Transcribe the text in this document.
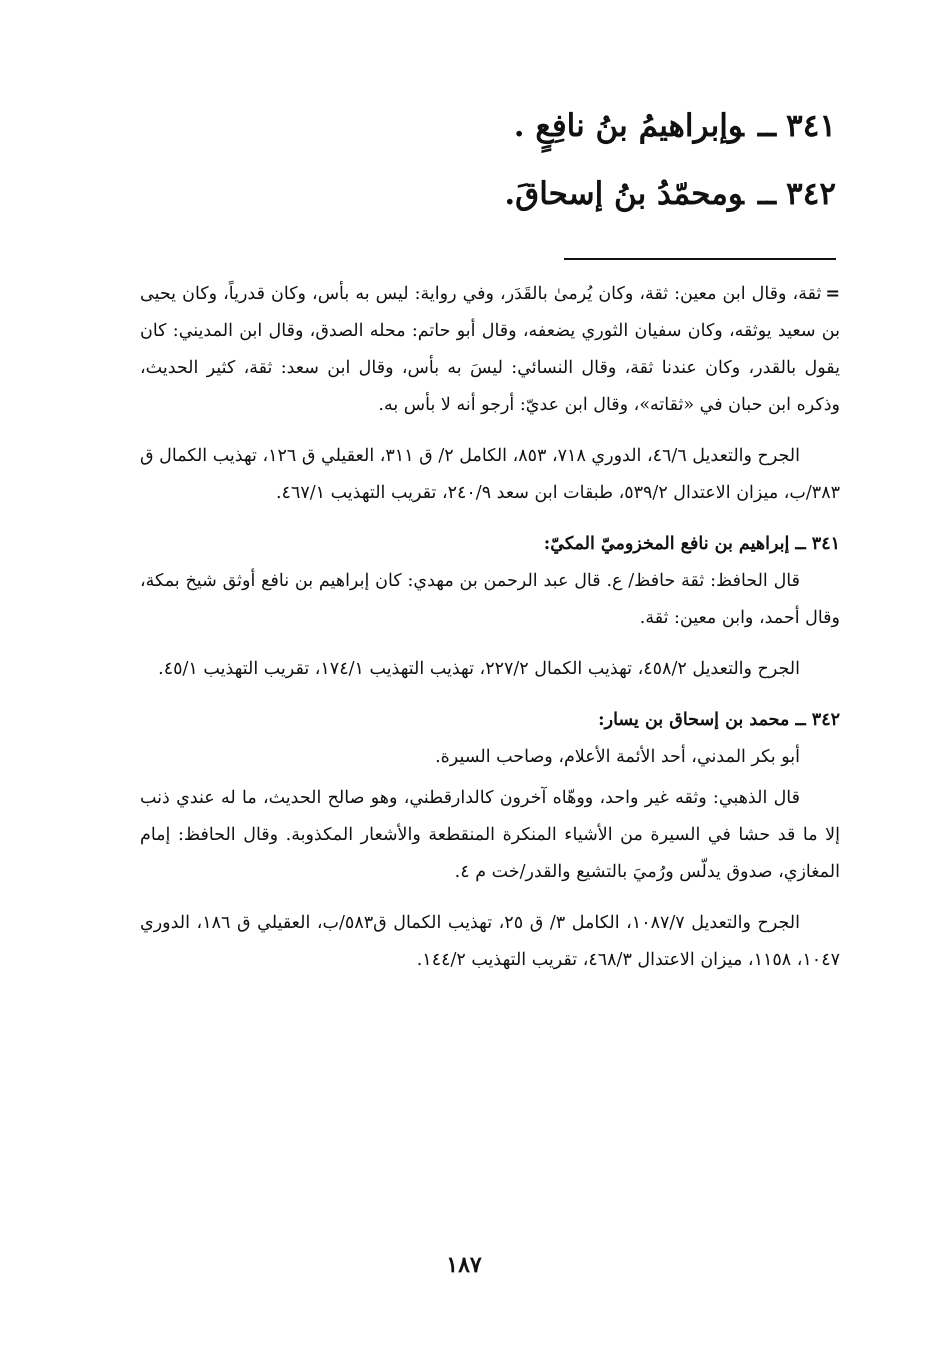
٣٤١ــوإبراهيمُ بنُ نافِعٍ .

٣٤٢ــومحمّدُ بنُ إسحاقَ.

=ثقة، وقال ابن معين: ثقة، وكان يُرمىٰ بالقَدَر، وفي رواية: ليس به بأس، وكان قدرياً، وكان يحيى بن سعيد يوثقه، وكان سفيان الثوري يضعفه، وقال أبو حاتم: محله الصدق، وقال ابن المديني: كان يقول بالقدر، وكان عندنا ثقة، وقال النسائي: ليسَ به بأس، وقال ابن سعد: ثقة، كثير الحديث، وذكره ابن حبان في «ثقاته»، وقال ابن عديّ: أرجو أنه لا بأس به.

الجرح والتعديل ٤٦/٦، الدوري ٧١٨، ٨٥٣، الكامل ٢/ ق ٣١١، العقيلي ق ١٢٦، تهذيب الكمال ق ٣٨٣/ب، ميزان الاعتدال ٥٣٩/٢، طبقات ابن سعد ٢٤٠/٩، تقريب التهذيب ٤٦٧/١.

٣٤١ ــ إبراهيم بن نافع المخزوميّ المكيّ:

قال الحافظ: ثقة حافظ/ ع. قال عبد الرحمن بن مهدي: كان إبراهيم بن نافع أوثق شيخ بمكة، وقال أحمد، وابن معين: ثقة.

الجرح والتعديل ٤٥٨/٢، تهذيب الكمال ٢٢٧/٢، تهذيب التهذيب ١٧٤/١، تقريب التهذيب ٤٥/١.

٣٤٢ ــ محمد بن إسحاق بن يسار:

أبو بكر المدني، أحد الأئمة الأعلام، وصاحب السيرة.

قال الذهبي: وثقه غير واحد، ووهّاه آخرون كالدارقطني، وهو صالح الحديث، ما له عندي ذنب إلا ما قد حشا في السيرة من الأشياء المنكرة المنقطعة والأشعار المكذوبة. وقال الحافظ: إمام المغازي، صدوق يدلّس ورُميَ بالتشيع والقدر/خت م ٤.

الجرح والتعديل ١٠٨٧/٧، الكامل ٣/ ق ٢٥، تهذيب الكمال ق٥٨٣/ب، العقيلي ق ١٨٦، الدوري ١٠٤٧، ١١٥٨، ميزان الاعتدال ٤٦٨/٣، تقريب التهذيب ١٤٤/٢.

١٨٧
